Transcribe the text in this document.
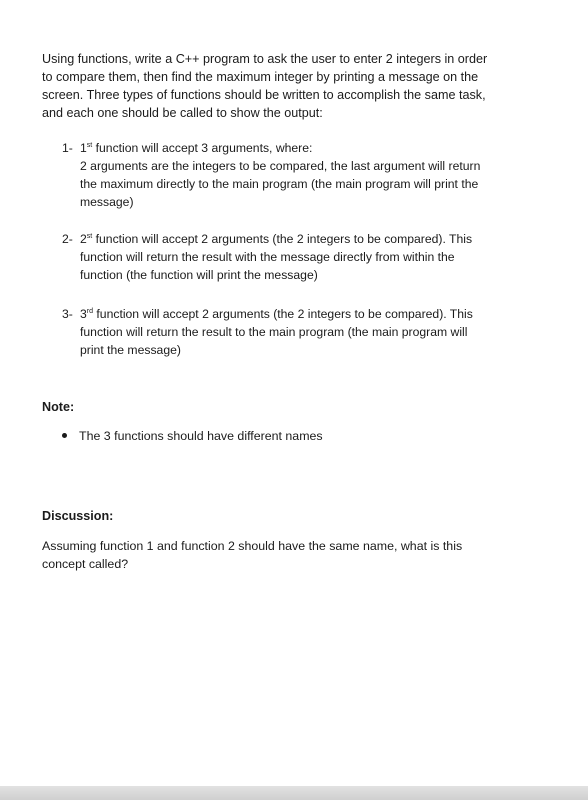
Using functions, write a C++ program to ask the user to enter 2 integers in order
to compare them, then find the maximum integer by printing a message on the
screen. Three types of functions should be written to accomplish the same task,
and each one should be called to show the output:
1- 1st function will accept 3 arguments, where:
2 arguments are the integers to be compared, the last argument will return
the maximum directly to the main program (the main program will print the
message)
2- 2st function will accept 2 arguments (the 2 integers to be compared). This
function will return the result with the message directly from within the
function (the function will print the message)
3- 3rd function will accept 2 arguments (the 2 integers to be compared). This
function will return the result to the main program (the main program will
print the message)
Note:
The 3 functions should have different names
Discussion:
Assuming function 1 and function 2 should have the same name, what is this
concept called?
